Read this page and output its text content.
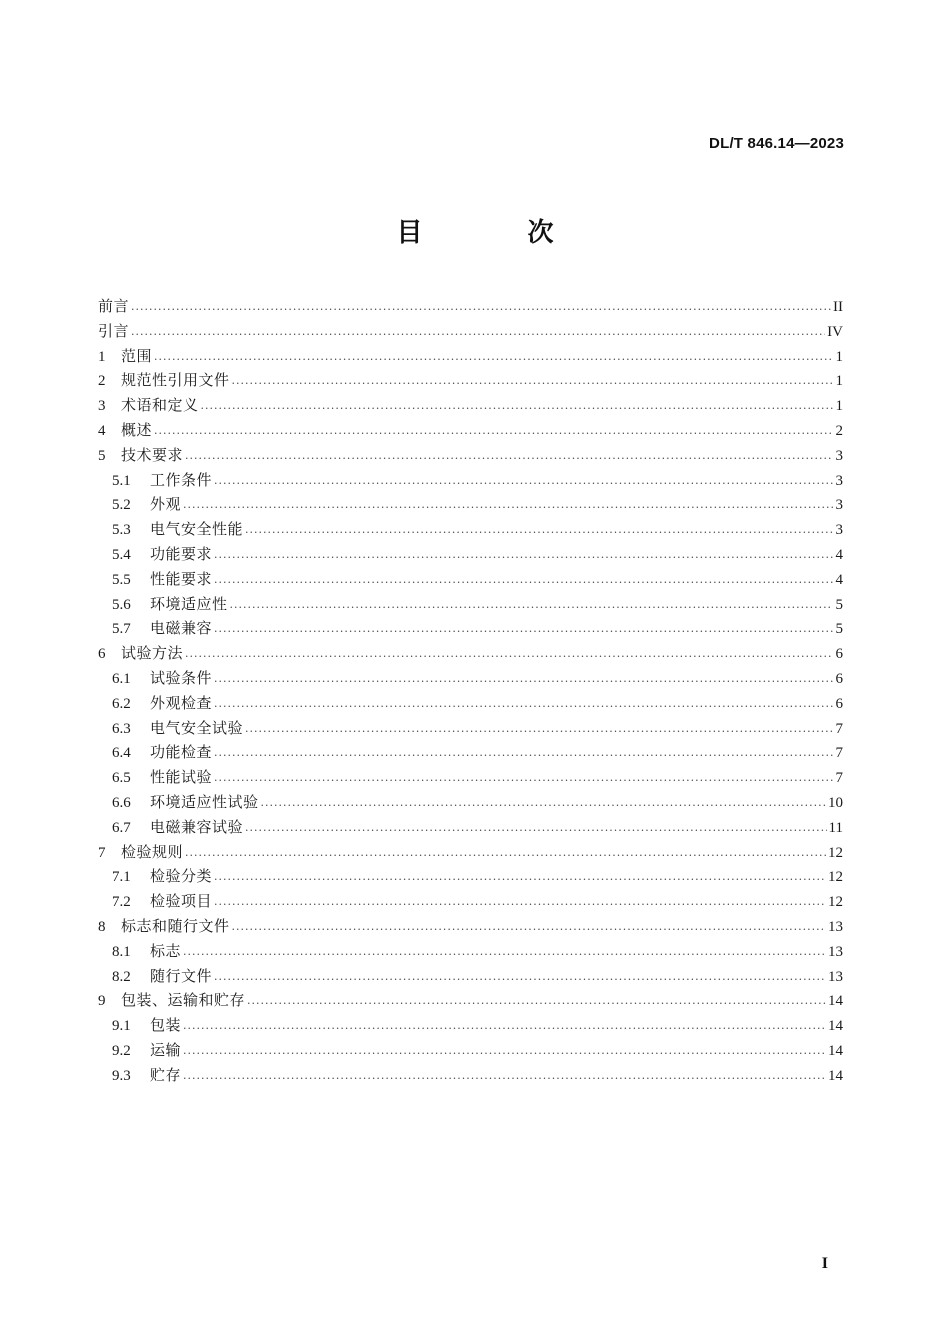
DL/T 846.14—2023
目 次
前言 ·····	II
引言 ·····	IV
1	范围 ·····	1
2	规范性引用文件 ·····	1
3	术语和定义 ·····	1
4	概述 ·····	2
5	技术要求 ·····	3
5.1	工作条件 ·····	3
5.2	外观 ·····	3
5.3	电气安全性能 ·····	3
5.4	功能要求 ·····	4
5.5	性能要求 ·····	4
5.6	环境适应性 ·····	5
5.7	电磁兼容 ·····	5
6	试验方法 ·····	6
6.1	试验条件 ·····	6
6.2	外观检查 ·····	6
6.3	电气安全试验 ·····	7
6.4	功能检查 ·····	7
6.5	性能试验 ·····	7
6.6	环境适应性试验 ·····	10
6.7	电磁兼容试验 ·····	11
7	检验规则 ·····	12
7.1	检验分类 ·····	12
7.2	检验项目 ·····	12
8	标志和随行文件 ·····	13
8.1	标志 ·····	13
8.2	随行文件 ·····	13
9	包装、运输和贮存 ·····	14
9.1	包装 ·····	14
9.2	运输 ·····	14
9.3	贮存 ·····	14
I
